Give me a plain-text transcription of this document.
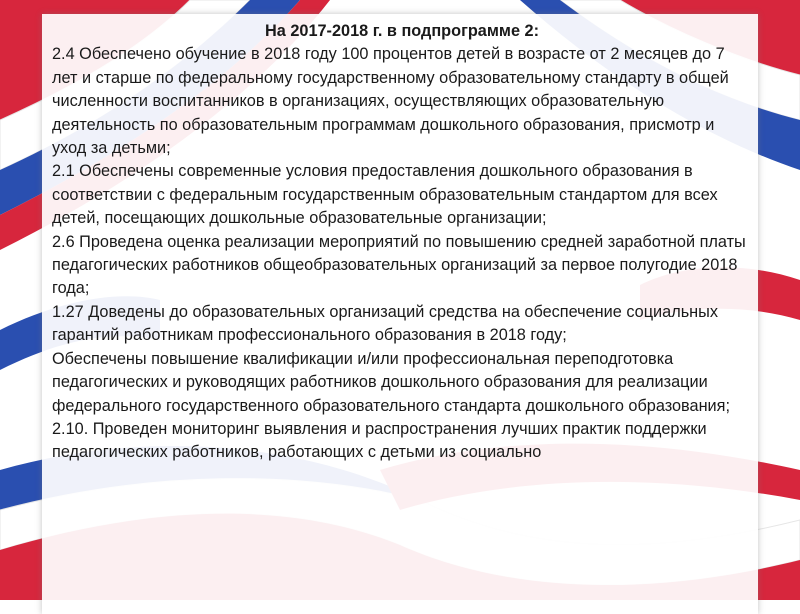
На 2017-2018 г. в подпрограмме 2:

2.4 Обеспечено обучение в 2018 году 100 процентов детей в возрасте от 2 месяцев до 7 лет и старше по федеральному государственному образовательному стандарту в общей численности воспитанников в организациях, осуществляющих образовательную деятельность по образовательным программам дошкольного образования, присмотр и уход за детьми;

2.1 Обеспечены современные условия предоставления дошкольного образования в соответствии с федеральным государственным образовательным стандартом для всех детей, посещающих дошкольные образовательные организации;

2.6 Проведена оценка реализации мероприятий по повышению средней заработной платы педагогических работников общеобразовательных организаций за первое полугодие 2018 года;

1.27 Доведены до образовательных организаций средства на обеспечение социальных гарантий работникам профессионального образования в 2018 году;

Обеспечены повышение квалификации и/или профессиональная переподготовка педагогических и руководящих работников дошкольного образования для реализации федерального государственного образовательного стандарта дошкольного образования;

2.10. Проведен мониторинг выявления и распространения лучших практик поддержки педагогических работников, работающих с детьми из социально
